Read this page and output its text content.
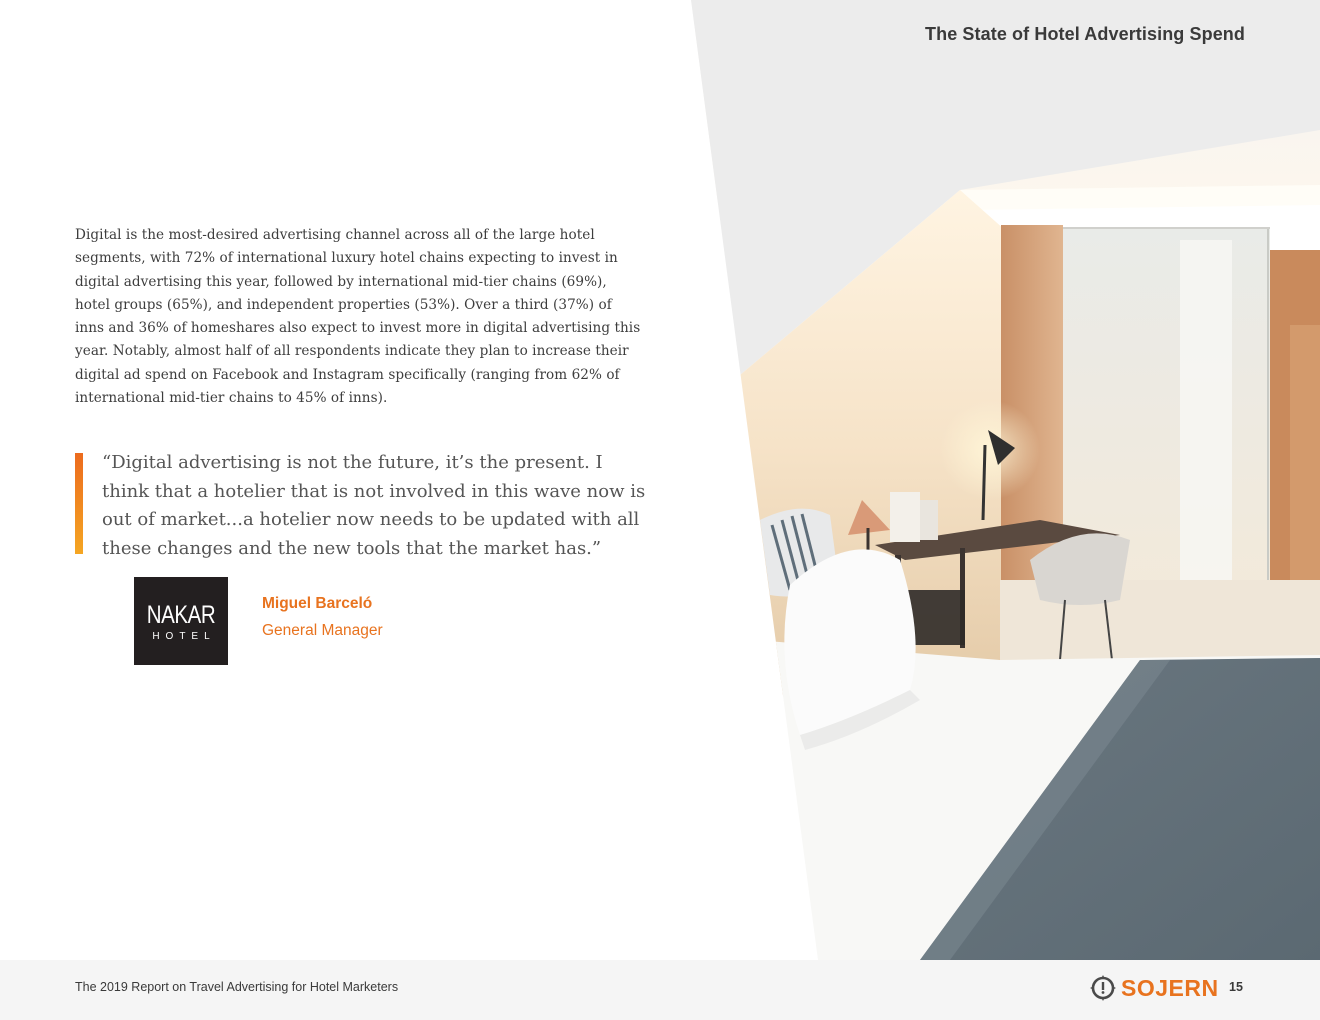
The State of Hotel Advertising Spend

Digital is the most-desired advertising channel across all of the large hotel segments, with 72% of international luxury hotel chains expecting to invest in digital advertising this year, followed by international mid-tier chains (69%), hotel groups (65%), and independent properties (53%). Over a third (37%) of inns and 36% of homeshares also expect to invest more in digital advertising this year. Notably, almost half of all respondents indicate they plan to increase their digital ad spend on Facebook and Instagram specifically (ranging from 62% of international mid-tier chains to 45% of inns).

“Digital advertising is not the future, it’s the present. I think that a hotelier that is not involved in this wave now is out of market...a hotelier now needs to be updated with all these changes and the new tools that the market has.”

NAKAR
HOTEL
Miguel Barceló
General Manager
The 2019 Report on Travel Advertising for Hotel Marketers	SOJERN 15
